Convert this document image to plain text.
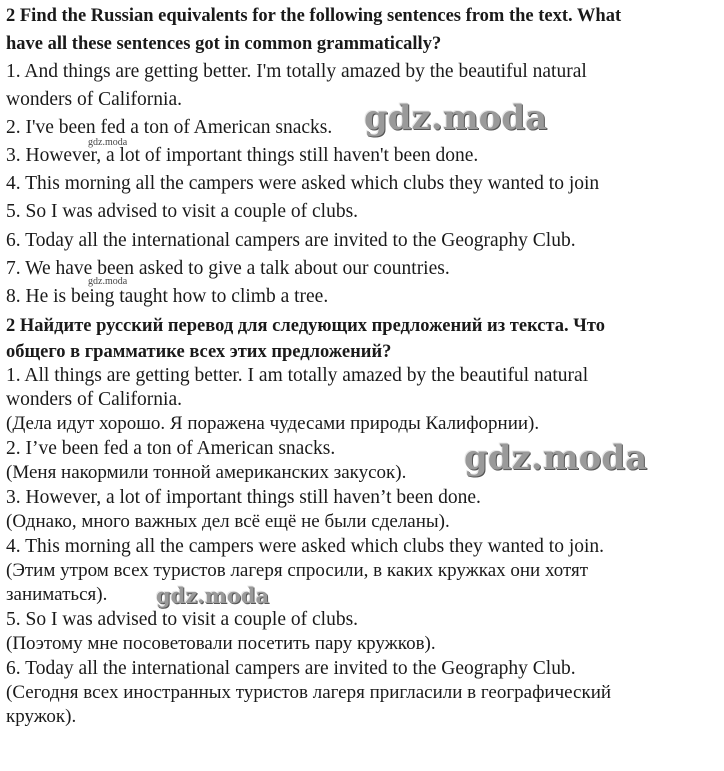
2 Find the Russian equivalents for the following sentences from the text. What
have all these sentences got in common grammatically?
1. And things are getting better. I'm totally amazed by the beautiful natural
wonders of California.
2. I've been fed a ton of American snacks.
3. However, a lot of important things still haven't been done.
4. This morning all the campers were asked which clubs they wanted to join
5. So I was advised to visit a couple of clubs.
6. Today all the international campers are invited to the Geography Club.
7. We have been asked to give a talk about our countries.
8. He is being taught how to climb a tree.
2 Найдите русский перевод для следующих предложений из текста. Что
общего в грамматике всех этих предложений?
1. All things are getting better. I am totally amazed by the beautiful natural
wonders of California.
(Дела идут хорошо. Я поражена чудесами природы Калифорнии).
2. I’ve been fed a ton of American snacks.
(Меня накормили тонной американских закусок).
3. However, a lot of important things still haven’t been done.
(Однако, много важных дел всё ещё не были сделаны).
4. This morning all the campers were asked which clubs they wanted to join.
(Этим утром всех туристов лагеря спросили, в каких кружках они хотят
заниматься).
5. So I was advised to visit a couple of clubs.
(Поэтому мне посоветовали посетить пару кружков).
6. Today all the international campers are invited to the Geography Club.
(Сегодня всех иностранных туристов лагеря пригласили в географический
кружок).
gdz.moda
gdz.moda
gdz.moda
gdz.moda
gdz.moda
